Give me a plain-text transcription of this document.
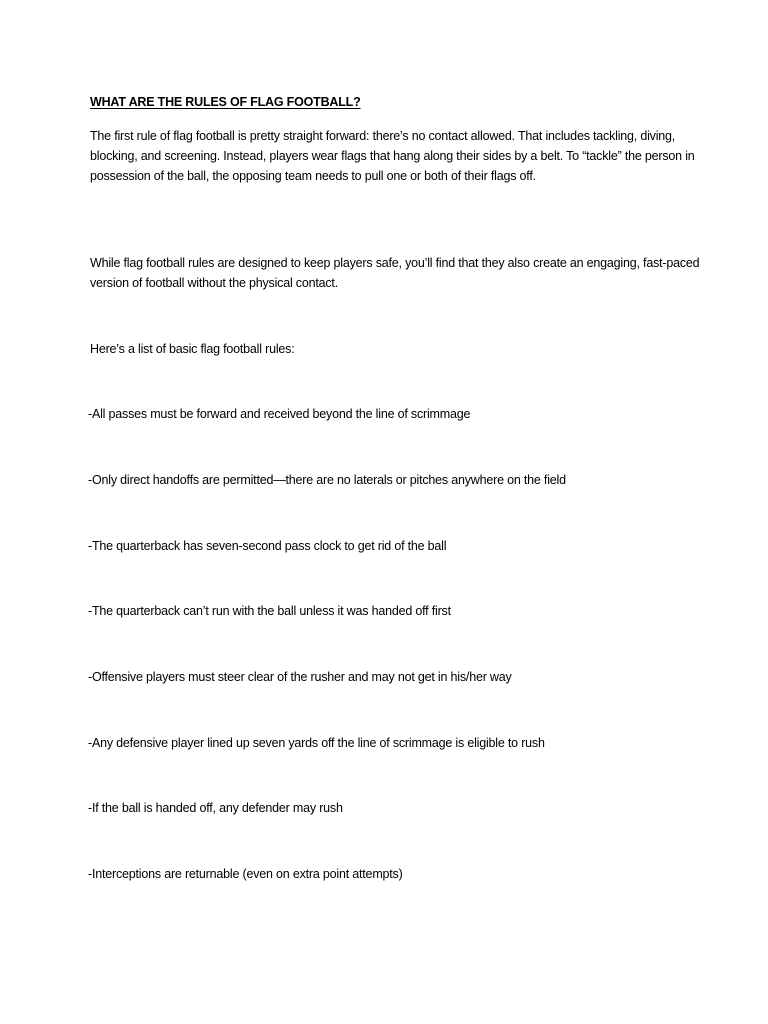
WHAT ARE THE RULES OF FLAG FOOTBALL?

The first rule of flag football is pretty straight forward: there’s no contact allowed. That includes tackling, diving, blocking, and screening. Instead, players wear flags that hang along their sides by a belt. To “tackle” the person in possession of the ball, the opposing team needs to pull one or both of their flags off.

While flag football rules are designed to keep players safe, you’ll find that they also create an engaging, fast-paced version of football without the physical contact.

Here’s a list of basic flag football rules:

-All passes must be forward and received beyond the line of scrimmage

-Only direct handoffs are permitted—there are no laterals or pitches anywhere on the field

-The quarterback has seven-second pass clock to get rid of the ball

-The quarterback can’t run with the ball unless it was handed off first

-Offensive players must steer clear of the rusher and may not get in his/her way

-Any defensive player lined up seven yards off the line of scrimmage is eligible to rush

-If the ball is handed off, any defender may rush

-Interceptions are returnable (even on extra point attempts)
